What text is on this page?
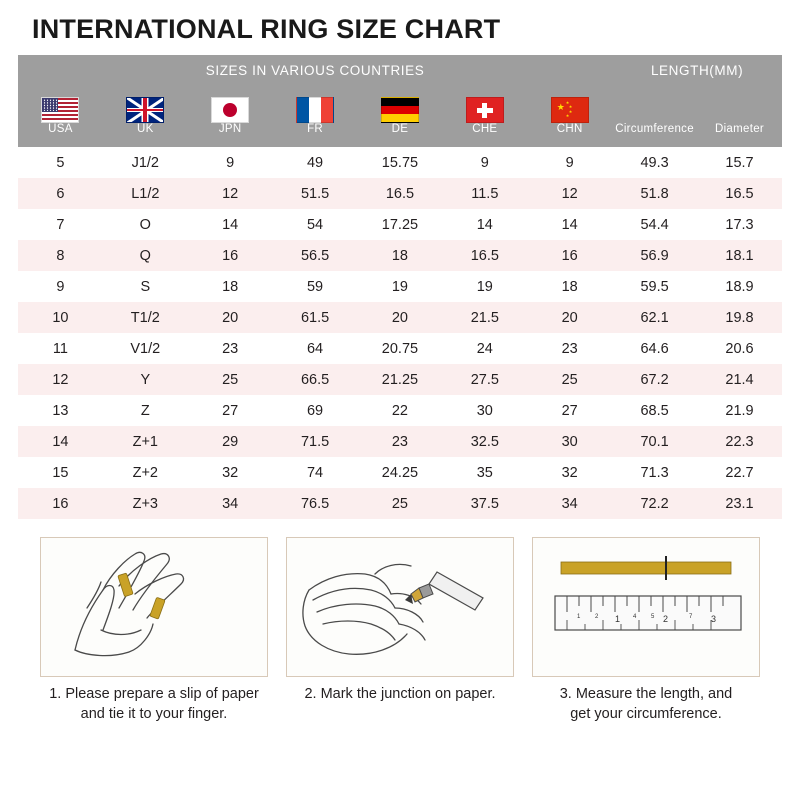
INTERNATIONAL RING SIZE CHART
SIZES IN VARIOUS COUNTRIES							LENGTH(MM)	

						★ ★
★
★
★		

USA	UK	JPN	FR	DE	CHE	CHN	Circumference	Diameter
5	J1/2	9	49	15.75	9	9	49.3	15.7
6	L1/2	12	51.5	16.5	11.5	12	51.8	16.5
7	O	14	54	17.25	14	14	54.4	17.3
8	Q	16	56.5	18	16.5	16	56.9	18.1
9	S	18	59	19	19	18	59.5	18.9
10	T1/2	20	61.5	20	21.5	20	62.1	19.8
11	V1/2	23	64	20.75	24	23	64.6	20.6
12	Y	25	66.5	21.25	27.5	25	67.2	21.4
13	Z	27	69	22	30	27	68.5	21.9
14	Z+1	29	71.5	23	32.5	30	70.1	22.3
15	Z+2	32	74	24.25	35	32	71.3	22.7
16	Z+3	34	76.5	25	37.5	34	72.2	23.1
1. Please prepare a slip of paper
and tie it to your finger.
2. Mark the junction on paper.
1	2	3
1 2	4 5	7
3. Measure the length, and
get your circumference.
